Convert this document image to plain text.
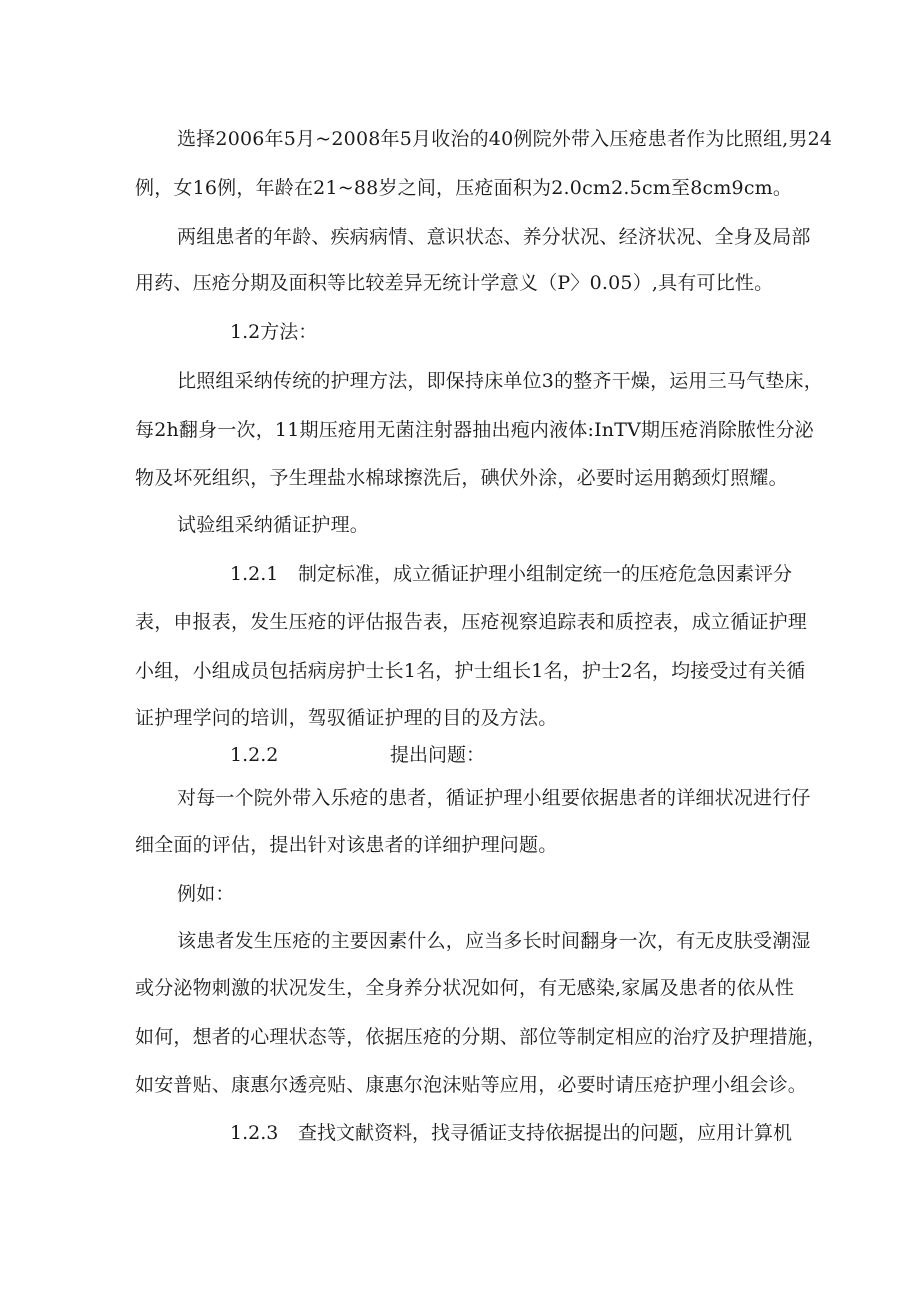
选择2006年5月~2008年5月收治的40例院外带入压疮患者作为比照组,男24
例，女16例，年龄在21~88岁之间，压疮面积为2.0cm2.5cm至8cm9cm。
两组患者的年龄、疾病病情、意识状态、养分状况、经济状况、全身及局部
用药、压疮分期及面积等比较差异无统计学意义（P〉0.05）,具有可比性。
1.2方法：
比照组采纳传统的护理方法，即保持床单位3的整齐干燥，运用三马气垫床，
每2h翻身一次，11期压疮用无菌注射器抽出疱内液体:InTV期压疮消除脓性分泌
物及坏死组织，予生理盐水棉球擦洗后，碘伏外涂，必要时运用鹅颈灯照耀。
试验组采纳循证护理。
1.2.1 制定标准，成立循证护理小组制定统一的压疮危急因素评分
表，申报表，发生压疮的评估报告表，压疮视察追踪表和质控表，成立循证护理
小组，小组成员包括病房护士长1名，护士组长1名，护士2名，均接受过有关循
证护理学问的培训，驾驭循证护理的目的及方法。
1.2.2	提出问题：
对每一个院外带入乐疮的患者，循证护理小组要依据患者的详细状况进行仔
细全面的评估，提出针对该患者的详细护理问题。
例如：
该患者发生压疮的主要因素什么，应当多长时间翻身一次，有无皮肤受潮湿
或分泌物刺激的状况发生，全身养分状况如何，有无感染,家属及患者的依从性
如何，想者的心理状态等，依据压疮的分期、部位等制定相应的治疗及护理措施，
如安普贴、康惠尔透亮贴、康惠尔泡沫贴等应用，必要时请压疮护理小组会诊。
1.2.3 查找文献资料，找寻循证支持依据提出的问题，应用计算机
